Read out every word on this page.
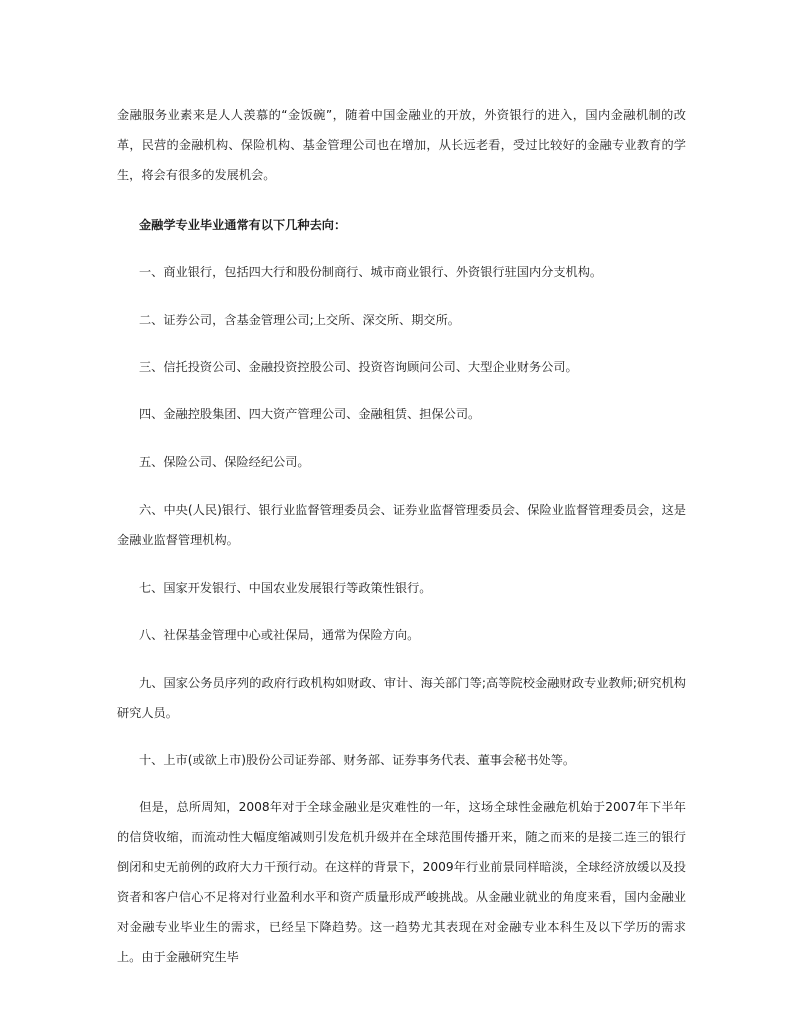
金融服务业素来是人人羡慕的“金饭碗”，随着中国金融业的开放，外资银行的进入，国内金融机制的改革，民营的金融机构、保险机构、基金管理公司也在增加，从长远老看，受过比较好的金融专业教育的学生，将会有很多的发展机会。

金融学专业毕业通常有以下几种去向：

一、商业银行，包括四大行和股份制商行、城市商业银行、外资银行驻国内分支机构。

二、证券公司，含基金管理公司;上交所、深交所、期交所。

三、信托投资公司、金融投资控股公司、投资咨询顾问公司、大型企业财务公司。

四、金融控股集团、四大资产管理公司、金融租赁、担保公司。

五、保险公司、保险经纪公司。

六、中央(人民)银行、银行业监督管理委员会、证券业监督管理委员会、保险业监督管理委员会，这是金融业监督管理机构。

七、国家开发银行、中国农业发展银行等政策性银行。

八、社保基金管理中心或社保局，通常为保险方向。

九、国家公务员序列的政府行政机构如财政、审计、海关部门等;高等院校金融财政专业教师;研究机构研究人员。

十、上市(或欲上市)股份公司证券部、财务部、证券事务代表、董事会秘书处等。

但是，总所周知，2008年对于全球金融业是灾难性的一年，这场全球性金融危机始于2007年下半年的信贷收缩，而流动性大幅度缩减则引发危机升级并在全球范围传播开来，随之而来的是接二连三的银行倒闭和史无前例的政府大力干预行动。在这样的背景下，2009年行业前景同样暗淡，全球经济放缓以及投资者和客户信心不足将对行业盈利水平和资产质量形成严峻挑战。从金融业就业的角度来看，国内金融业对金融专业毕业生的需求，已经呈下降趋势。这一趋势尤其表现在对金融专业本科生及以下学历的需求上。由于金融研究生毕
